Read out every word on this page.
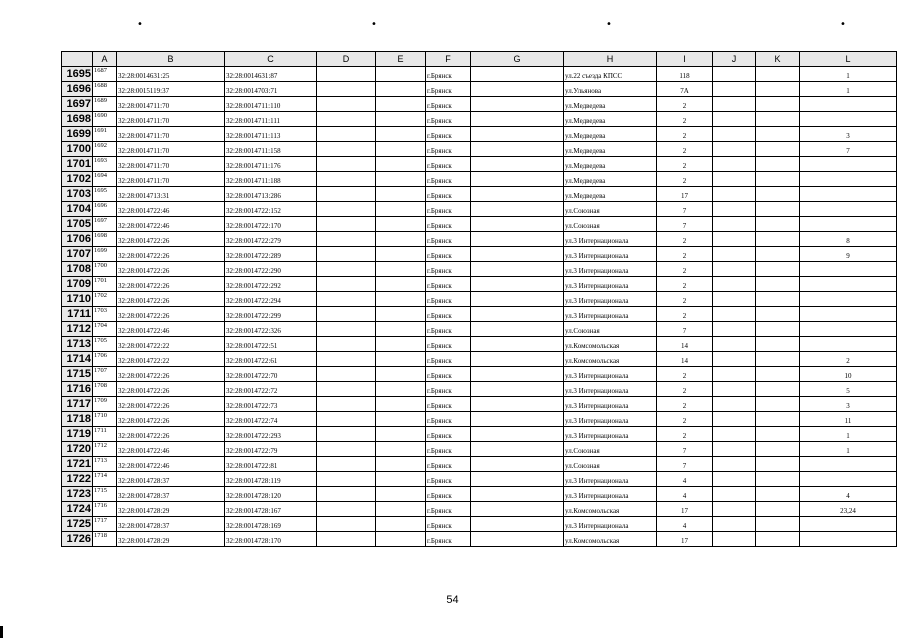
•	•	•	•
	A	B	C	D	E	F	G	H	I	J	K	L
1695	1687	32:28:0014631:25	32:28:0014631:87			г.Брянск		ул.22 съезда КПСС	118			1
1696	1688	32:28:0015119:37	32:28:0014703:71			г.Брянск		ул.Ульянова	7А			1
1697	1689	32:28:0014711:70	32:28:0014711:110			г.Брянск		ул.Медведева	2			
1698	1690	32:28:0014711:70	32:28:0014711:111			г.Брянск		ул.Медведева	2			
1699	1691	32:28:0014711:70	32:28:0014711:113			г.Брянск		ул.Медведева	2			3
1700	1692	32:28:0014711:70	32:28:0014711:158			г.Брянск		ул.Медведева	2			7
1701	1693	32:28:0014711:70	32:28:0014711:176			г.Брянск		ул.Медведева	2			
1702	1694	32:28:0014711:70	32:28:0014711:188			г.Брянск		ул.Медведева	2			
1703	1695	32:28:0014713:31	32:28:0014713:286			г.Брянск		ул.Медведева	17			
1704	1696	32:28:0014722:46	32:28:0014722:152			г.Брянск		ул.Союзная	7			
1705	1697	32:28:0014722:46	32:28:0014722:170			г.Брянск		ул.Союзная	7			
1706	1698	32:28:0014722:26	32:28:0014722:279			г.Брянск		ул.3 Интернационала	2			8
1707	1699	32:28:0014722:26	32:28:0014722:289			г.Брянск		ул.3 Интернационала	2			9
1708	1700	32:28:0014722:26	32:28:0014722:290			г.Брянск		ул.3 Интернационала	2			
1709	1701	32:28:0014722:26	32:28:0014722:292			г.Брянск		ул.3 Интернационала	2			
1710	1702	32:28:0014722:26	32:28:0014722:294			г.Брянск		ул.3 Интернационала	2			
1711	1703	32:28:0014722:26	32:28:0014722:299			г.Брянск		ул.3 Интернационала	2			
1712	1704	32:28:0014722:46	32:28:0014722:326			г.Брянск		ул.Союзная	7			
1713	1705	32:28:0014722:22	32:28:0014722:51			г.Брянск		ул.Комсомольская	14			
1714	1706	32:28:0014722:22	32:28:0014722:61			г.Брянск		ул.Комсомольская	14			2
1715	1707	32:28:0014722:26	32:28:0014722:70			г.Брянск		ул.3 Интернационала	2			10
1716	1708	32:28:0014722:26	32:28:0014722:72			г.Брянск		ул.3 Интернационала	2			5
1717	1709	32:28:0014722:26	32:28:0014722:73			г.Брянск		ул.3 Интернационала	2			3
1718	1710	32:28:0014722:26	32:28:0014722:74			г.Брянск		ул.3 Интернационала	2			11
1719	1711	32:28:0014722:26	32:28:0014722:293			г.Брянск		ул.3 Интернационала	2			1
1720	1712	32:28:0014722:46	32:28:0014722:79			г.Брянск		ул.Союзная	7			1
1721	1713	32:28:0014722:46	32:28:0014722:81			г.Брянск		ул.Союзная	7			
1722	1714	32:28:0014728:37	32:28:0014728:119			г.Брянск		ул.3 Интернационала	4			
1723	1715	32:28:0014728:37	32:28:0014728:120			г.Брянск		ул.3 Интернационала	4			4
1724	1716	32:28:0014728:29	32:28:0014728:167			г.Брянск		ул.Комсомольская	17			23,24
1725	1717	32:28:0014728:37	32:28:0014728:169			г.Брянск		ул.3 Интернационала	4			
1726	1718	32:28:0014728:29	32:28:0014728:170			г.Брянск		ул.Комсомольская	17			
54
